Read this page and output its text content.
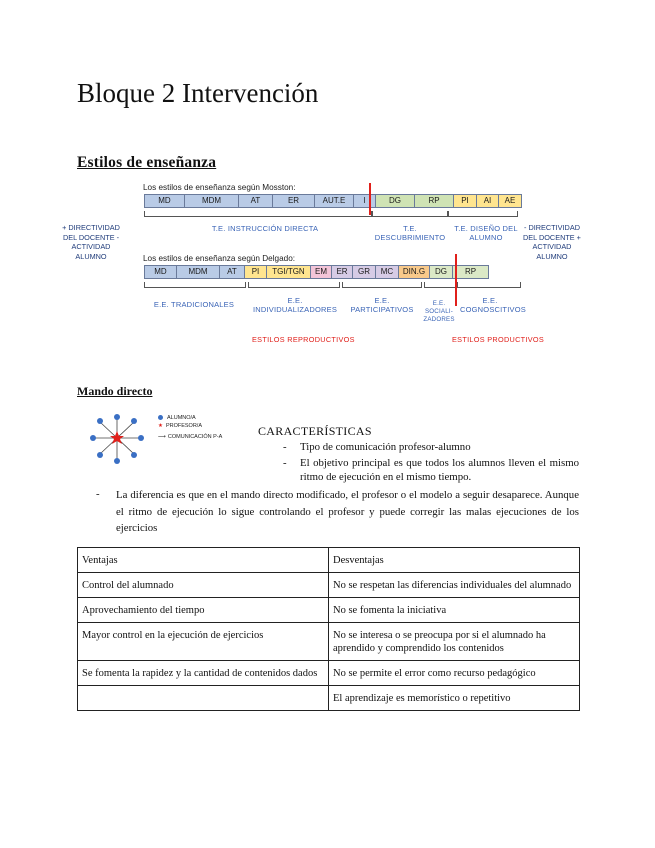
Bloque 2 Intervención
Estilos de enseñanza
Los estilos de enseñanza según Mosston:
MD	MDM	AT	ER	AUT.E	I	DG	RP	PI	AI	AE
T.E. INSTRUCCIÓN DIRECTA	T.E. DESCUBRIMIENTO
T.E. DISEÑO DEL ALUMNO
+ DIRECTIVIDAD DEL DOCENTE - ACTIVIDAD ALUMNO
- DIRECTIVIDAD DEL DOCENTE + ACTIVIDAD ALUMNO
Los estilos de enseñanza según Delgado:
MD	MDM	AT	PI	TGI/TGN	EM	ER	GR	MC	DIN.G	DG	RP
E.E. TRADICIONALES	E.E. INDIVIDUALIZADORES
E.E. PARTICIPATIVOS
E.E. SOCIALI-ZADORES
E.E. COGNOSCITIVOS
ESTILOS REPRODUCTIVOS	ESTILOS PRODUCTIVOS
Mando directo
ALUMNO/A
★ PROFESOR/A
⟶ COMUNICACIÓN P-A	CARACTERÍSTICAS
-	Tipo de comunicación profesor-alumno
-	El objetivo principal es que todos los alumnos lleven el mismo ritmo de ejecución en el mismo tiempo.
-	La diferencia es que en el mando directo modificado, el profesor o el modelo a seguir desaparece. Aunque el ritmo de ejecución lo sigue controlando el profesor y puede corregir las malas ejecuciones de los ejercicios
Ventajas	Desventajas
Control del alumnado	No se respetan las diferencias individuales del alumnado
Aprovechamiento del tiempo	No se fomenta la iniciativa
Mayor control en la ejecución de ejercicios	No se interesa o se preocupa por si el alumnado ha aprendido y comprendido los contenidos
Se fomenta la rapidez y la cantidad de contenidos dados	No se permite el error como recurso pedagógico
	El aprendizaje es memorístico o repetitivo
